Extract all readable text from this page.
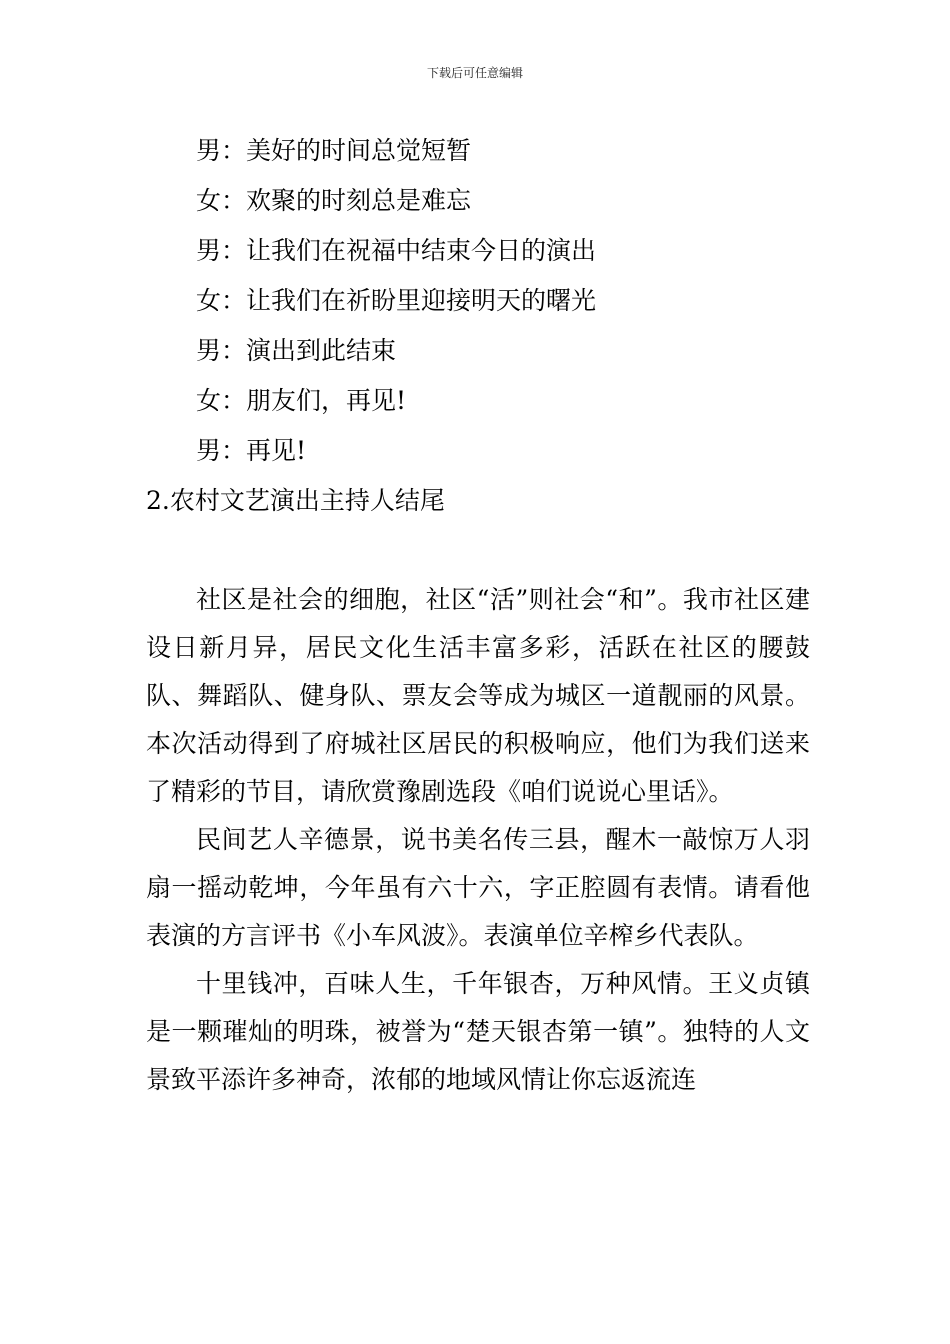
下载后可任意编辑
男：美好的时间总觉短暂
女：欢聚的时刻总是难忘
男：让我们在祝福中结束今日的演出
女：让我们在祈盼里迎接明天的曙光
男：演出到此结束
女：朋友们，再见!
男：再见!
2.农村文艺演出主持人结尾

社区是社会的细胞，社区“活”则社会“和”。我市社区建设日新月异，居民文化生活丰富多彩，活跃在社区的腰鼓队、舞蹈队、健身队、票友会等成为城区一道靓丽的风景。本次活动得到了府城社区居民的积极响应，他们为我们送来了精彩的节目，请欣赏豫剧选段《咱们说说心里话》。

民间艺人辛德景，说书美名传三县，醒木一敲惊万人羽扇一摇动乾坤，今年虽有六十六，字正腔圆有表情。请看他表演的方言评书《小车风波》。表演单位辛榨乡代表队。

十里钱冲，百味人生，千年银杏，万种风情。王义贞镇是一颗璀灿的明珠，被誉为“楚天银杏第一镇”。独特的人文景致平添许多神奇，浓郁的地域风情让你忘返流连
